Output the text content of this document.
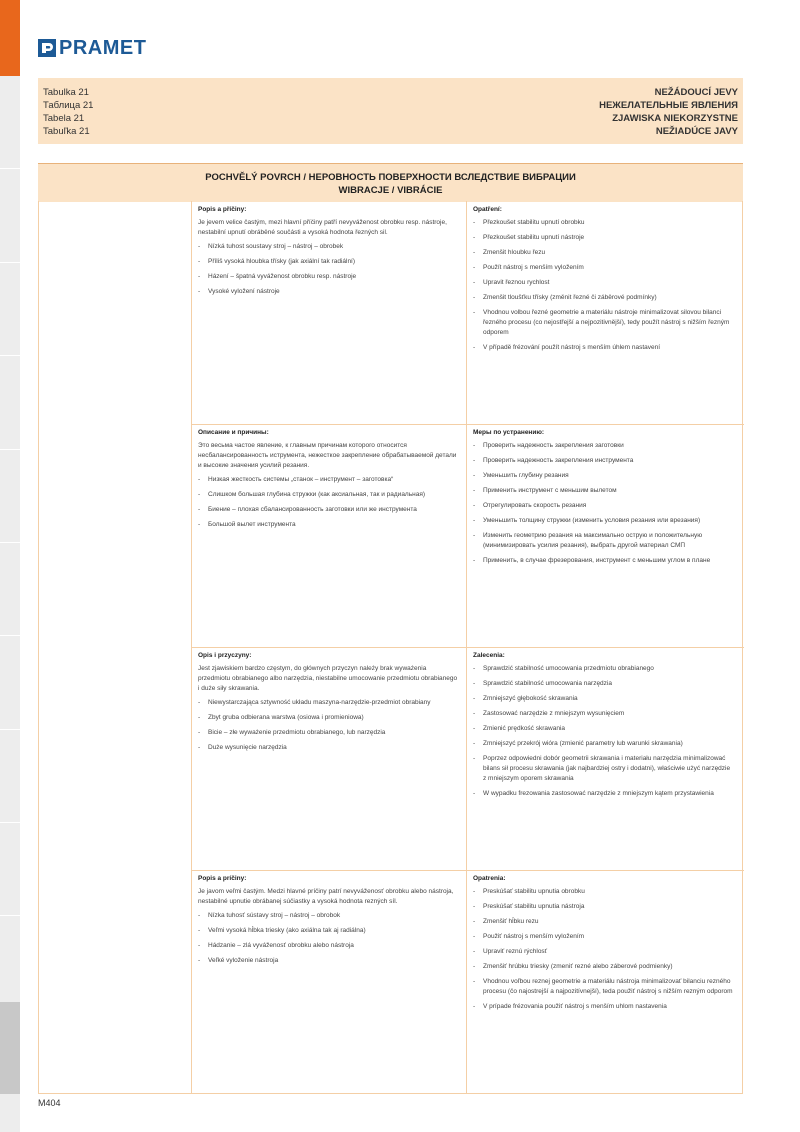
PRAMET
Tabulka 21
Таблица 21
Tabela 21
Tabuľka 21
NEŽÁDOUCÍ JEVY
НЕЖЕЛАТЕЛЬНЫЕ ЯВЛЕНИЯ
ZJAWISKA NIEKORZYSTNE
NEŽIADÚCE JAVY
POCHVĚLÝ POVRCH / НЕРОВНОСТЬ ПОВЕРХНОСТИ ВСЛЕДСТВИЕ ВИБРАЦИИ
WIBRACJE / VIBRÁCIE
Popis a příčiny:
Je jevem velice častým, mezi hlavní příčiny patří nevyváženost obrobku resp. nástroje, nestabilní upnutí obráběné součásti a vysoká hodnota řezných sil.
- Nízká tuhost soustavy stroj – nástroj – obrobek
- Příliš vysoká hloubka třísky (jak axiální tak radiální)
- Házení – špatná vyváženost obrobku resp. nástroje
- Vysoké vyložení nástroje
Opatření:
- Přezkoušet stabilitu upnutí obrobku
- Přezkoušet stabilitu upnutí nástroje
- Zmenšit hloubku řezu
- Použít nástroj s menším vyložením
- Upravit řeznou rychlost
- Zmenšit tloušťku třísky (změnit řezné či záběrové podmínky)
- Vhodnou volbou řezné geometrie a materiálu nástroje minimalizovat silovou bilanci řezného procesu (co nejostřejší a nejpozitivnější), tedy použít nástroj s nižším řezným odporem
- V případě frézování použít nástroj s menším úhlem nastavení
Описание и причины:
Это весьма частое явление, к главным причинам которого относится несбалансированность иструмента, нежесткое закрепление обрабатываемой детали и высокие значения усилий резания.
- Низкая жесткость системы „станок – инструмент – заготовка“
- Слишком большая глубина стружки (как аксиальная, так и радиальная)
- Биение – плохая сбалансированность заготовки или же инструмента
- Большой вылет инструмента
Меры по устранению:
- Проверить надежность закрепления заготовки
- Проверить надежность закрепления инструмента
- Уменьшить глубину резания
- Применить инструмент с меньшим вылетом
- Отрегулировать скорость резания
- Уменьшить толщину стружки (изменить условия резания или врезания)
- Изменить геометрию резания на максимально острую и положительную (минимизировать усилия резания), выбрать другой материал СМП
- Применить, в случае фрезерования, инструмент с меньшим углом в плане
Opis i przyczyny:
Jest zjawiskiem bardzo częstym, do głównych przyczyn należy brak wyważenia przedmiotu obrabianego albo narzędzia, niestabilne umocowanie przedmiotu obrabianego i duże siły skrawania.
- Niewystarczająca sztywność układu maszyna-narzędzie-przedmiot obrabiany
- Zbyt gruba odbierana warstwa (osiowa i promieniowa)
- Bicie – złe wyważenie przedmiotu obrabianego, lub narzędzia
- Duże wysunięcie narzędzia
Zalecenia:
- Sprawdzić stabilność umocowania przedmiotu obrabianego
- Sprawdzić stabilność umocowania narzędzia
- Zmniejszyć głębokość skrawania
- Zastosować narzędzie z mniejszym wysunięciem
- Zmienić prędkość skrawania
- Zmniejszyć przekrój wióra (zmienić parametry lub warunki skrawania)
- Poprzez odpowiedni dobór geometrii skrawania i materiału narzędzia minimalizować bilans sił procesu skrawania (jak najbardziej ostry i dodatni), właściwie użyć narzędzie z mniejszym oporem skrawania
- W wypadku frezowania zastosować narzędzie z mniejszym kątem przystawienia
Popis a príčiny:
Je javom veľmi častým. Medzi hlavné príčiny patrí nevyváženosť obrobku alebo nástroja, nestabilné upnutie obrábanej súčiastky a vysoká hodnota rezných síl.
- Nízka tuhosť sústavy stroj – nástroj – obrobok
- Veľmi vysoká hĺbka triesky (ako axiálna tak aj radiálna)
- Hádzanie – zlá vyváženosť obrobku alebo nástroja
- Veľké vyloženie nástroja
Opatrenia:
- Preskúšať stabilitu upnutia obrobku
- Preskúšať stabilitu upnutia nástroja
- Zmenšiť hĺbku rezu
- Použiť nástroj s menším vyložením
- Upraviť reznú rýchlosť
- Zmenšiť hrúbku triesky (zmeniť rezné alebo záberové podmienky)
- Vhodnou voľbou reznej geometrie a materiálu nástroja minimalizovať bilanciu rezného procesu (čo najostrejší a najpozitívnejší), teda použiť nástroj s nižším rezným odporom
- V prípade frézovania použiť nástroj s menším uhlom nastavenia
M404
